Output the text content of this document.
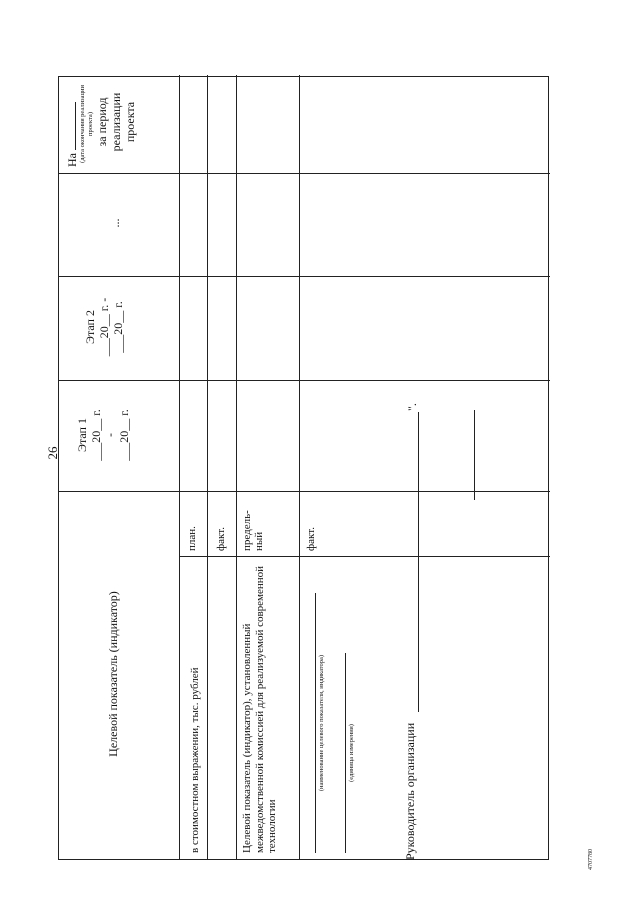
26
Целевой показатель (индикатор)
Этап 1 ___20__ г. - ___20__ г.
Этап 2 ___20__ г. - ___20__ г.
...
На (дата окончания реализации проекта) за период реализации проекта
в стоимостном выражении, тыс. рублей
план. факт.
Целевой показатель (индикатор), установленный межведомственной комиссией для реализуемой современной технологии
(наименование целевого показателя, индикатора)	(единица измерения)
предель-ный	факт.
Руководитель организации
".
4707780
